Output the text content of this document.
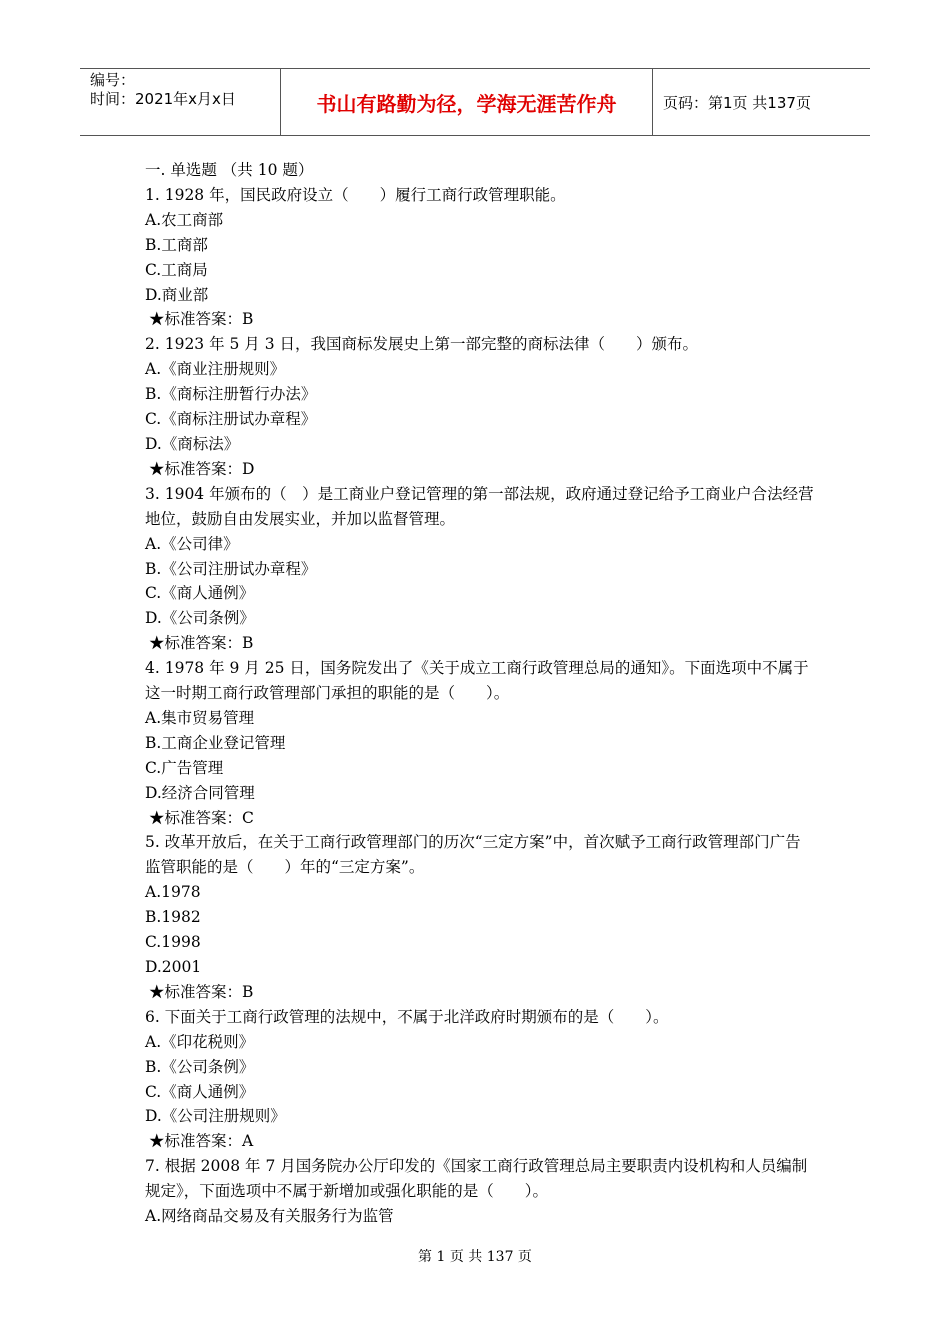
编号：
时间：2021年x月x日	书山有路勤为径，学海无涯苦作舟	页码：第1页 共137页

一. 单选题 （共 10 题）

1. 1928 年，国民政府设立（　　）履行工商行政管理职能。

A.农工商部

B.工商部

C.工商局

D.商业部

★标准答案：B

2. 1923 年 5 月 3 日，我国商标发展史上第一部完整的商标法律（　　）颁布。

A.《商业注册规则》

B.《商标注册暂行办法》

C.《商标注册试办章程》

D.《商标法》

★标准答案：D

3. 1904 年颁布的（　）是工商业户登记管理的第一部法规，政府通过登记给予工商业户合法经营地位，鼓励自由发展实业，并加以监督管理。

A.《公司律》

B.《公司注册试办章程》

C.《商人通例》

D.《公司条例》

★标准答案：B

4. 1978 年 9 月 25 日，国务院发出了《关于成立工商行政管理总局的通知》。下面选项中不属于这一时期工商行政管理部门承担的职能的是（　　）。

A.集市贸易管理

B.工商企业登记管理

C.广告管理

D.经济合同管理

★标准答案：C

5. 改革开放后，在关于工商行政管理部门的历次“三定方案”中，首次赋予工商行政管理部门广告监管职能的是（　　）年的“三定方案”。

A.1978

B.1982

C.1998

D.2001

★标准答案：B

6. 下面关于工商行政管理的法规中，不属于北洋政府时期颁布的是（　　）。

A.《印花税则》

B.《公司条例》

C.《商人通例》

D.《公司注册规则》

★标准答案：A

7. 根据 2008 年 7 月国务院办公厅印发的《国家工商行政管理总局主要职责内设机构和人员编制规定》，下面选项中不属于新增加或强化职能的是（　　）。

A.网络商品交易及有关服务行为监管

第 1 页 共 137 页
